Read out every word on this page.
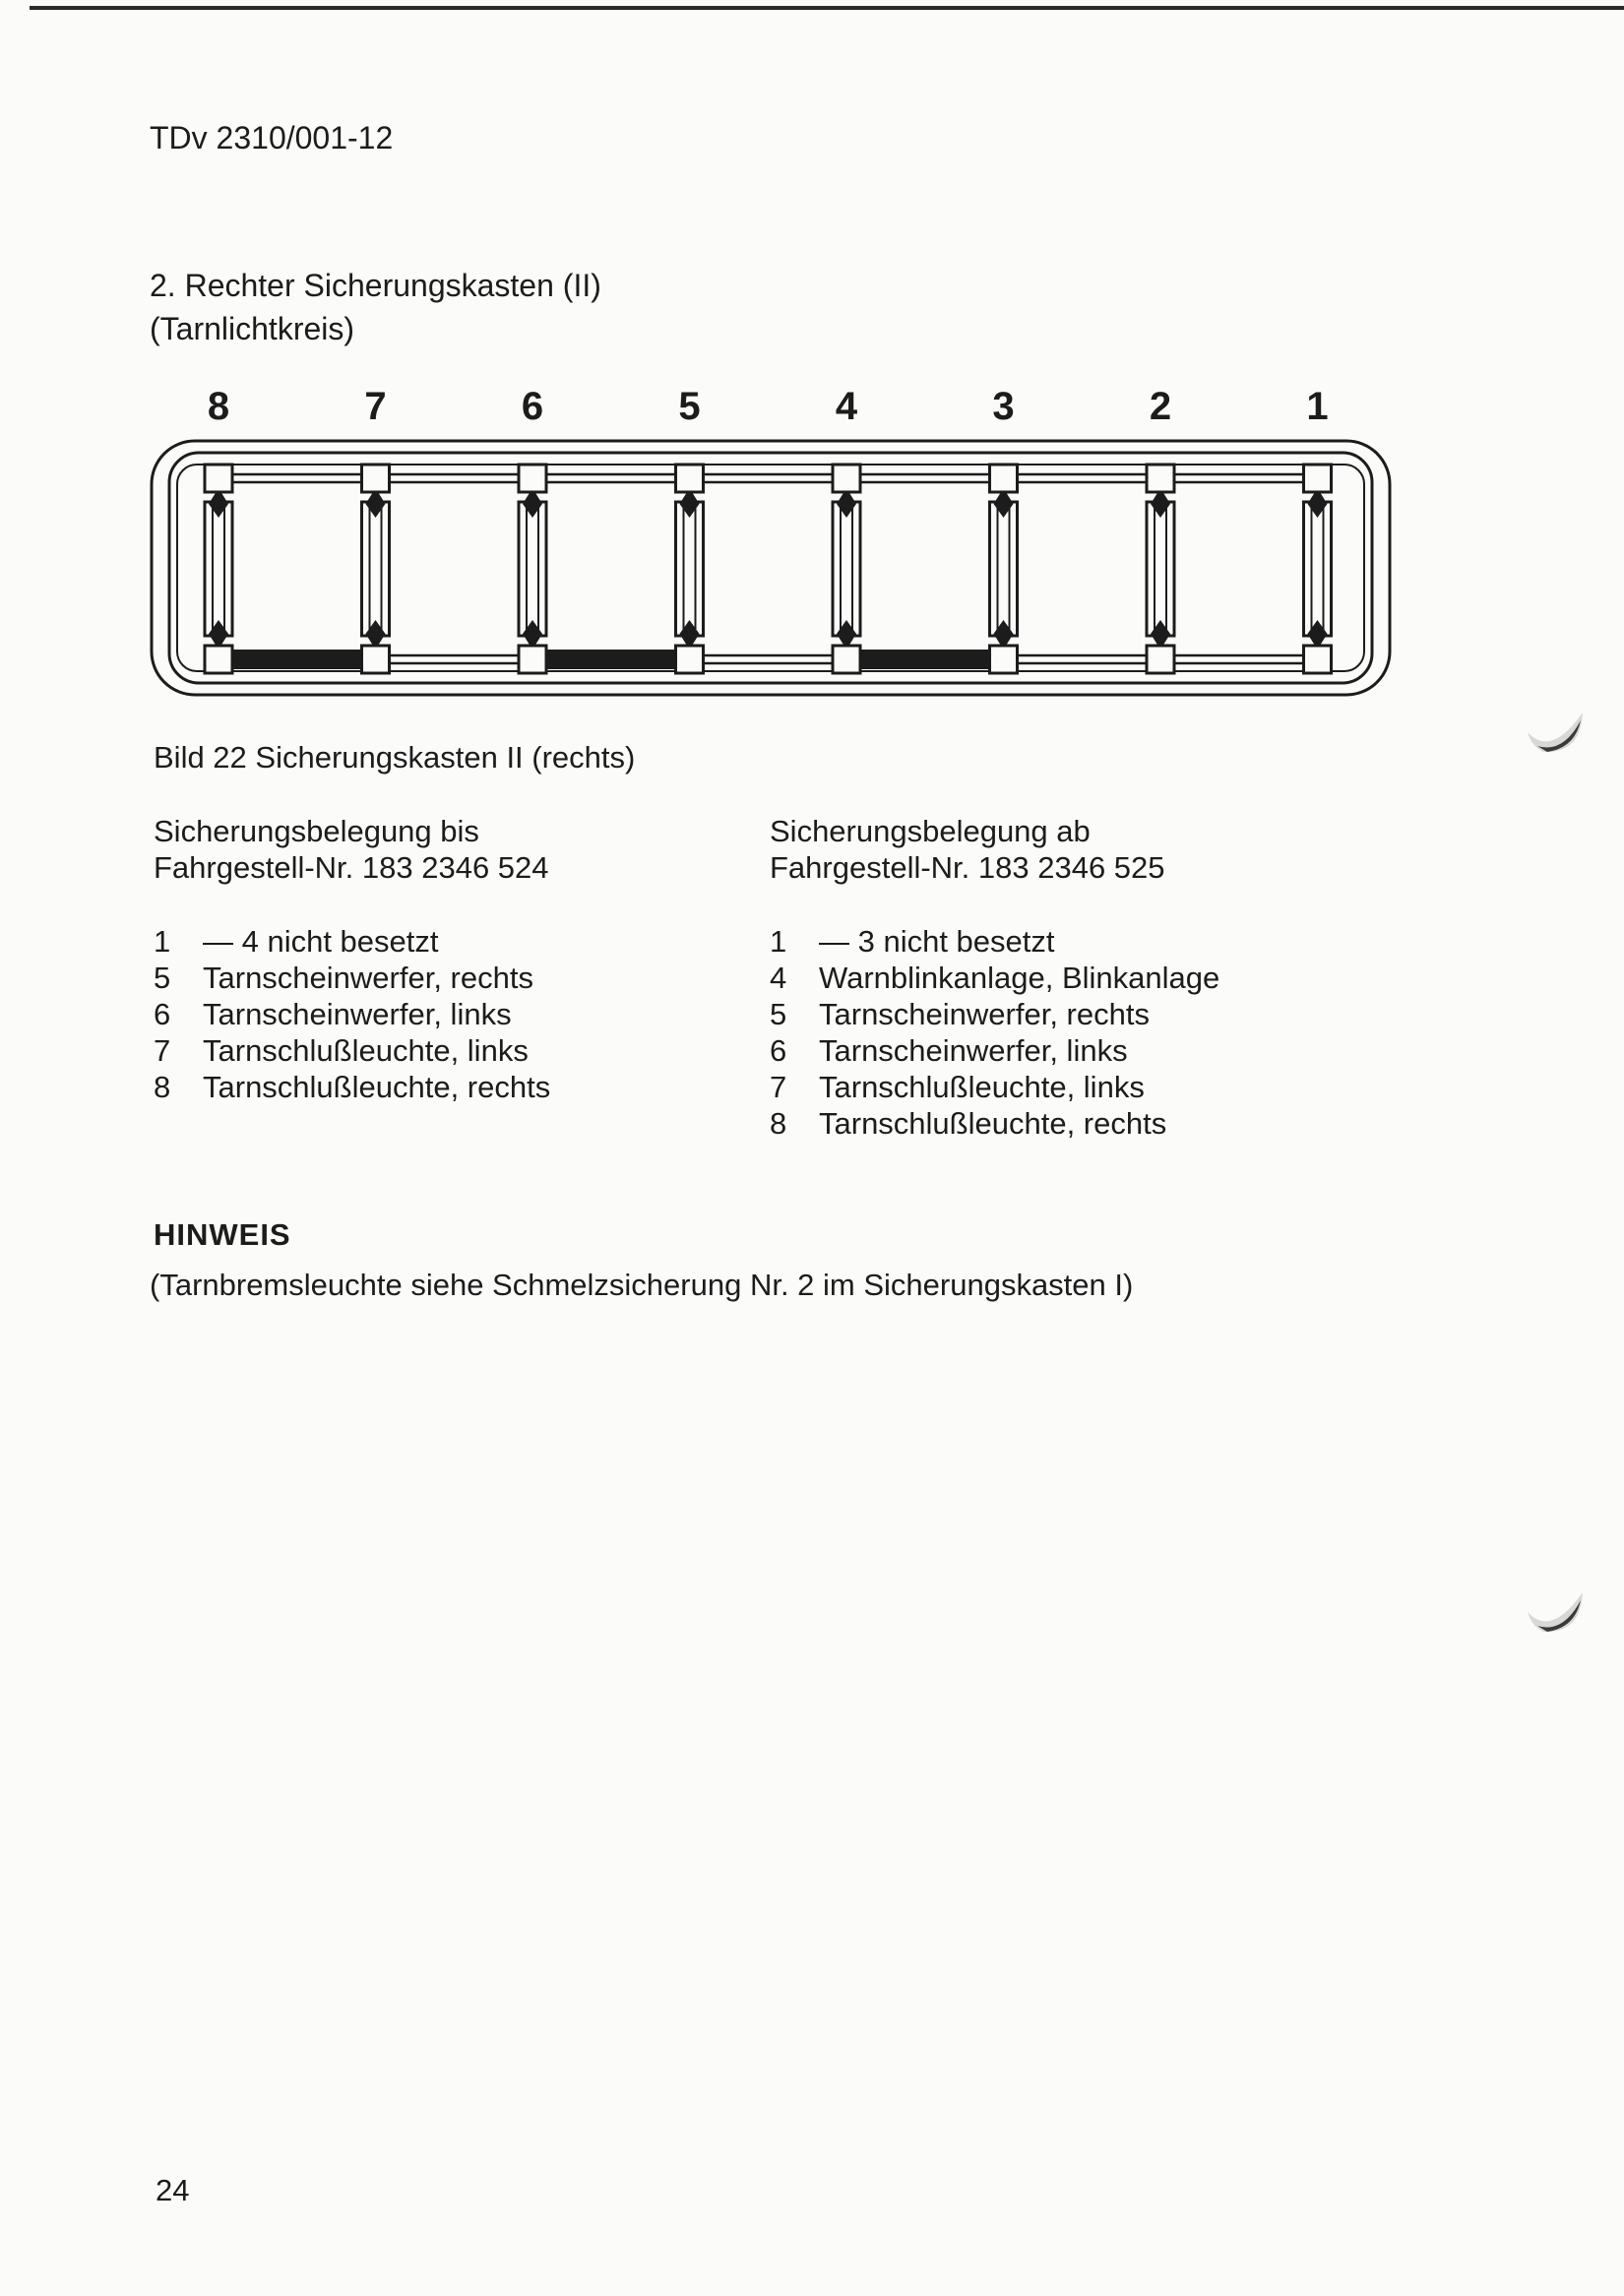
TDv 2310/001-12
2. Rechter Sicherungskasten (II)
(Tarnlichtkreis)
8	7	6	5	4	3	2	1
Bild 22 Sicherungskasten II (rechts)
Sicherungsbelegung bis
Fahrgestell-Nr. 183 2346 524
1	— 4 nicht besetzt
5	Tarnscheinwerfer, rechts
6	Tarnscheinwerfer, links
7	Tarnschlußleuchte, links
8	Tarnschlußleuchte, rechts
Sicherungsbelegung ab
Fahrgestell-Nr. 183 2346 525
1	— 3 nicht besetzt
4	Warnblinkanlage, Blinkanlage
5	Tarnscheinwerfer, rechts
6	Tarnscheinwerfer, links
7	Tarnschlußleuchte, links
8	Tarnschlußleuchte, rechts
HINWEIS
(Tarnbremsleuchte siehe Schmelzsicherung Nr. 2 im Sicherungskasten I)
24
